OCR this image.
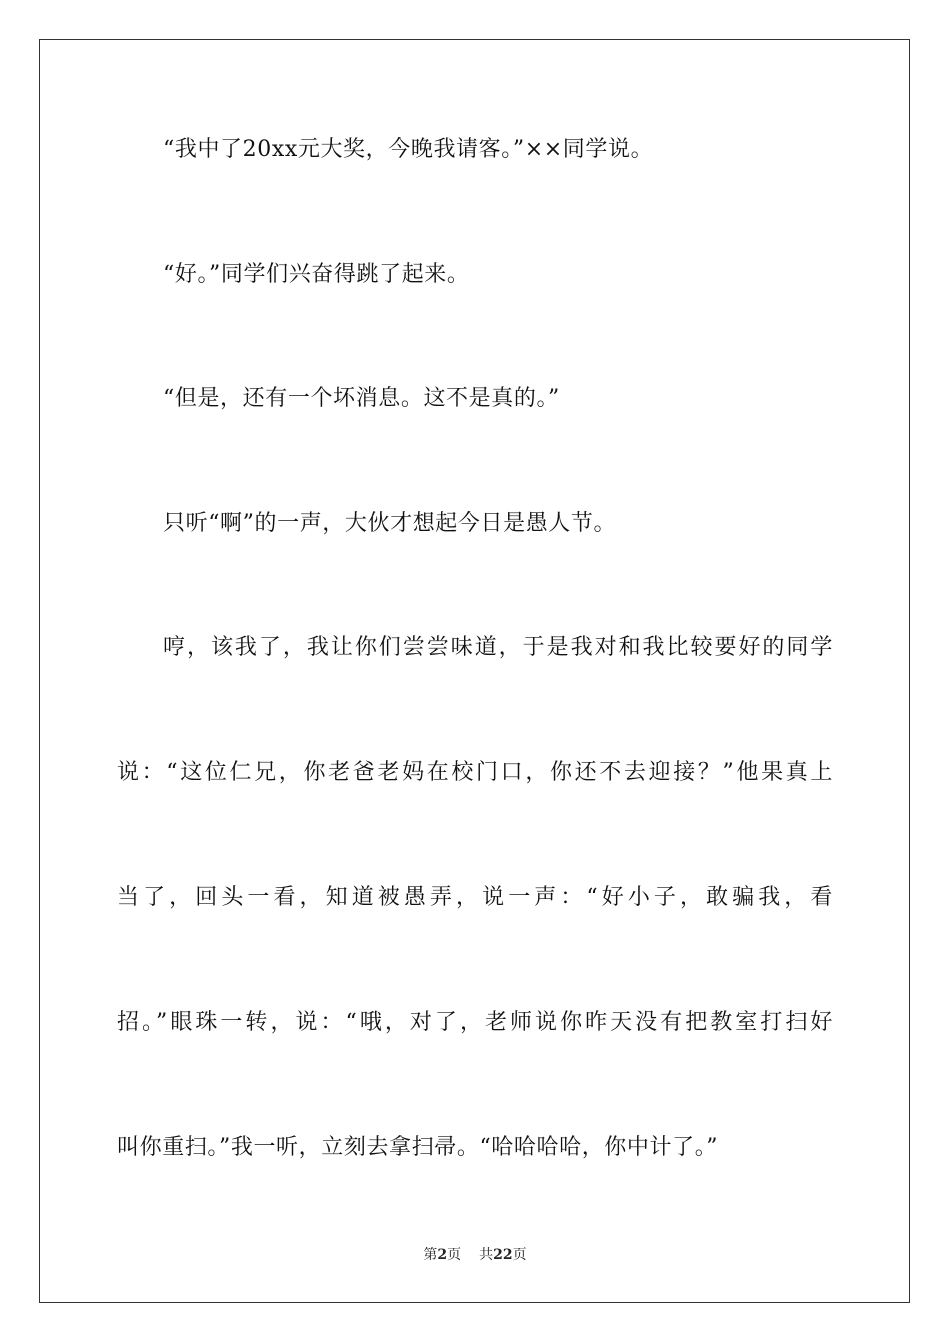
“我中了20xx元大奖，今晚我请客。”××同学说。

“好。”同学们兴奋得跳了起来。

“但是，还有一个坏消息。这不是真的。”

只听“啊”的一声，大伙才想起今日是愚人节。

哼，该我了，我让你们尝尝味道，于是我对和我比较要好的同学

说：“这位仁兄，你老爸老妈在校门口，你还不去迎接？”他果真上

当了，回头一看，知道被愚弄，说一声：“好小子，敢骗我，看

招。”眼珠一转，说：“哦，对了，老师说你昨天没有把教室打扫好

叫你重扫。”我一听，立刻去拿扫帚。“哈哈哈哈，你中计了。”

第2页 共22页
